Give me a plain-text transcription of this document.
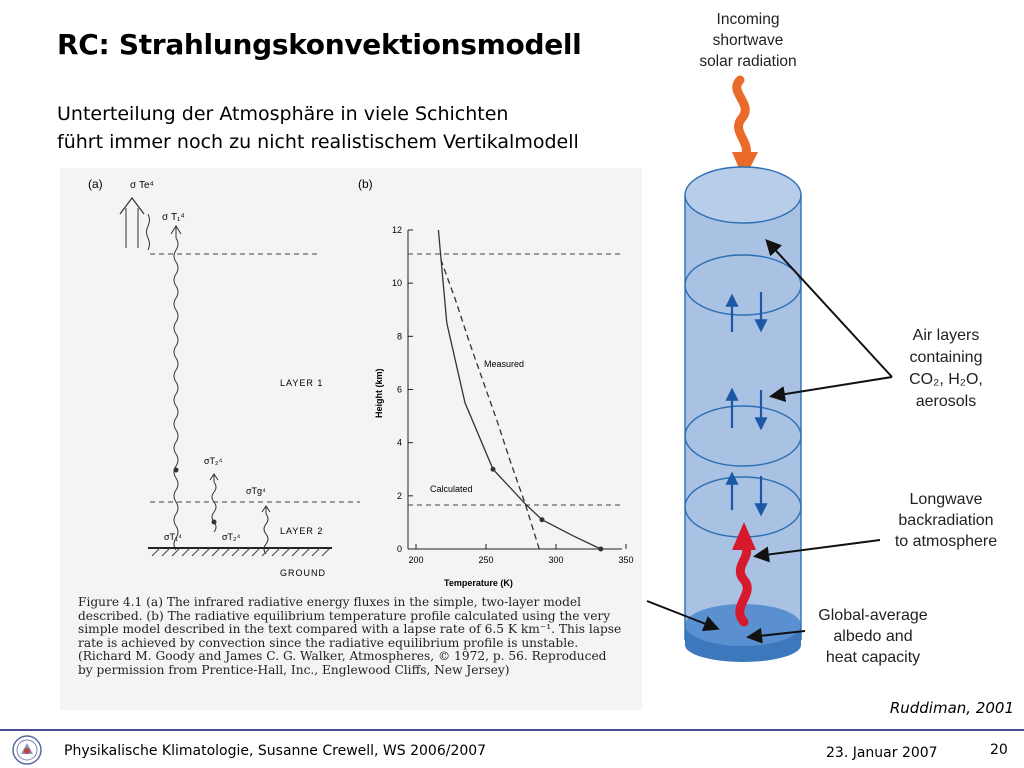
RC: Strahlungskonvektionsmodell
Unterteilung der Atmosphäre in viele Schichten
führt immer noch zu nicht realistischem Vertikalmodell
(a)	σ Te⁴
σ T₁⁴
LAYER 1
σT₂⁴
σTg⁴
σT₁⁴	σT₂⁴
LAYER 2
GROUND
(b)
Height (km)
Temperature (K)
0
2
4
6
8
10
12
200	250	300	350
Measured
Calculated
Figure 4.1 (a) The infrared radiative energy fluxes in the simple, two-layer model
described. (b) The radiative equilibrium temperature profile calculated using the very
simple model described in the text compared with a lapse rate of 6.5 K km⁻¹. This lapse
rate is achieved by convection since the radiative equilibrium profile is unstable.
(Richard M. Goody and James C. G. Walker, Atmospheres, © 1972, p. 56. Reproduced
by permission from Prentice-Hall, Inc., Englewood Cliffs, New Jersey)
Incoming
shortwave
solar radiation
Air layers
containing
CO₂, H₂O,
aerosols
Longwave
backradiation
to atmosphere
Global-average
albedo and
heat capacity
Ruddiman, 2001
Physikalische Klimatologie, Susanne Crewell, WS 2006/2007	23. Januar 2007	20
